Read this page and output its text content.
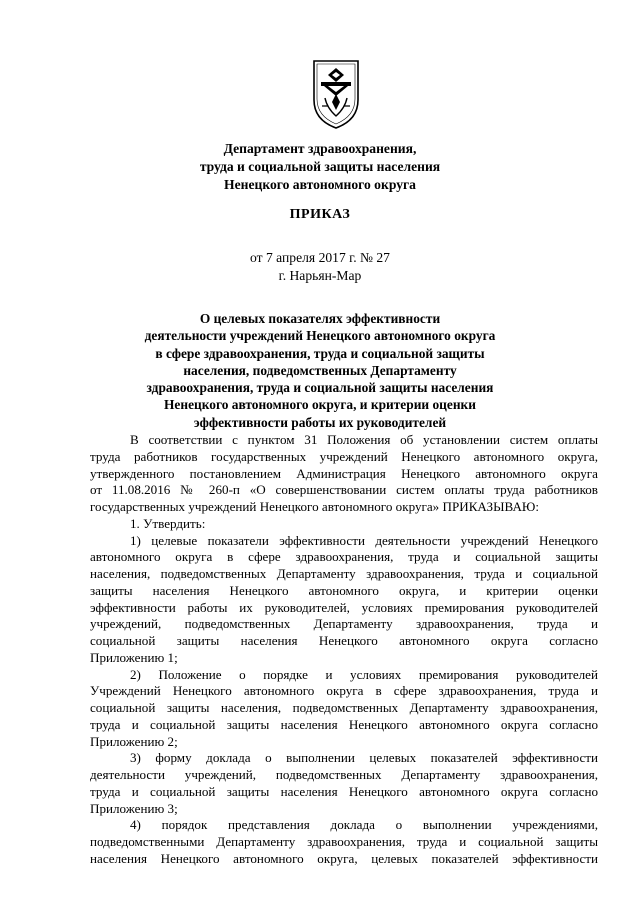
Департамент здравоохранения,
труда и социальной защиты населения
Ненецкого автономного округа
ПРИКАЗ
от 7 апреля 2017 г. № 27
г. Нарьян-Мар
О целевых показателях эффективности
деятельности учреждений Ненецкого автономного округа
в сфере здравоохранения, труда и социальной защиты
населения, подведомственных Департаменту
здравоохранения, труда и социальной защиты населения
Ненецкого автономного округа, и критерии оценки
эффективности работы их руководителей

В соответствии с пунктом 31 Положения об установлении систем оплаты
труда работников государственных учреждений Ненецкого автономного округа,
утвержденного постановлением Администрация Ненецкого автономного округа
от 11.08.2016 № 260-п «О совершенствовании систем оплаты труда работников
государственных учреждений Ненецкого автономного округа» ПРИКАЗЫВАЮ:

1. Утвердить:

1) целевые показатели эффективности деятельности учреждений Ненецкого
автономного округа в сфере здравоохранения, труда и социальной защиты
населения, подведомственных Департаменту здравоохранения, труда и социальной
защиты населения Ненецкого автономного округа, и критерии оценки
эффективности работы их руководителей, условиях премирования руководителей
учреждений, подведомственных Департаменту здравоохранения, труда и
социальной защиты населения Ненецкого автономного округа согласно
Приложению 1;

2) Положение о порядке и условиях премирования руководителей
Учреждений Ненецкого автономного округа в сфере здравоохранения, труда и
социальной защиты населения, подведомственных Департаменту здравоохранения,
труда и социальной защиты населения Ненецкого автономного округа согласно
Приложению 2;

3) форму доклада о выполнении целевых показателей эффективности
деятельности учреждений, подведомственных Департаменту здравоохранения,
труда и социальной защиты населения Ненецкого автономного округа согласно
Приложению 3;

4) порядок представления доклада о выполнении учреждениями,
подведомственными Департаменту здравоохранения, труда и социальной защиты
населения Ненецкого автономного округа, целевых показателей эффективности
